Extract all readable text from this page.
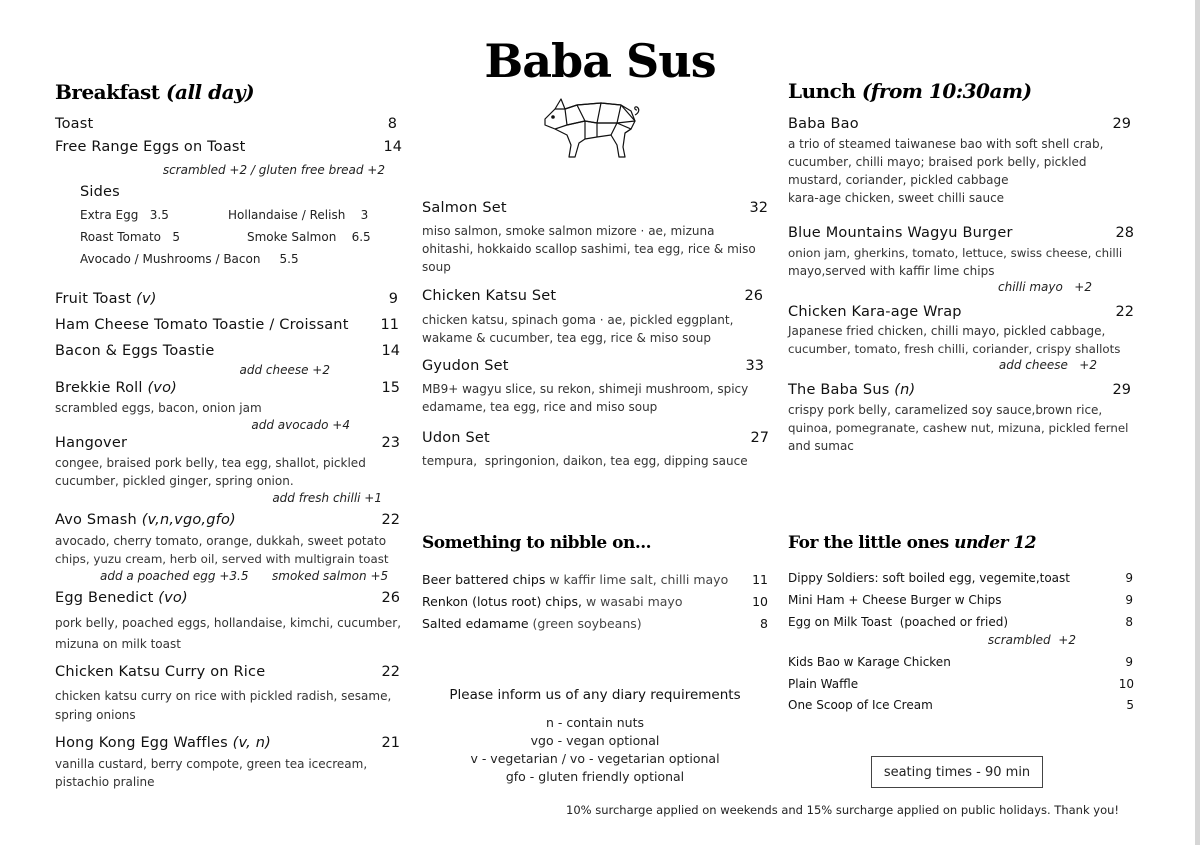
Baba Sus
Breakfast (all day)
Toast	8
Free Range Eggs on Toast	14
scrambled +2 / gluten free bread +2
Sides
Extra Egg   3.5	Hollandaise / Relish    3
Roast Tomato   5	Smoke Salmon    6.5
Avocado / Mushrooms / Bacon     5.5
Fruit Toast (v)	9
Ham Cheese Tomato Toastie / Croissant 11
Bacon & Eggs Toastie	14
add cheese +2
Brekkie Roll (vo)	15
scrambled eggs, bacon, onion jam
add avocado +4
Hangover	23
congee, braised pork belly, tea egg, shallot, pickled
cucumber, pickled ginger, spring onion.
add fresh chilli +1
Avo Smash (v,n,vgo,gfo)	22
avocado, cherry tomato, orange, dukkah, sweet potato
chips, yuzu cream, herb oil, served with multigrain toast
add a poached egg +3.5 smoked salmon +5
Egg Benedict (vo)	26
pork belly, poached eggs, hollandaise, kimchi, cucumber,
mizuna on milk toast
Chicken Katsu Curry on Rice	22
chicken katsu curry on rice with pickled radish, sesame,
spring onions
Hong Kong Egg Waffles (v, n)	21
vanilla custard, berry compote, green tea icecream,
pistachio praline
Salmon Set	32
miso salmon, smoke salmon mizore · ae, mizuna
ohitashi, hokkaido scallop sashimi, tea egg, rice & miso
soup
Chicken Katsu Set	26
chicken katsu, spinach goma · ae, pickled eggplant,
wakame & cucumber, tea egg, rice & miso soup
Gyudon Set	33
MB9+ wagyu slice, su rekon, shimeji mushroom, spicy
edamame, tea egg, rice and miso soup
Udon Set	27
tempura,  springonion, daikon, tea egg, dipping sauce
Something to nibble on...
Beer battered chips w kaffir lime salt, chilli mayo 11
Renkon (lotus root) chips, w wasabi mayo	10
Salted edamame (green soybeans)	8
Please inform us of any diary requirements
n - contain nuts
vgo - vegan optional
v - vegetarian / vo - vegetarian optional
gfo - gluten friendly optional
Lunch (from 10:30am)
Baba Bao	29
a trio of steamed taiwanese bao with soft shell crab,
cucumber, chilli mayo; braised pork belly, pickled
mustard, coriander, pickled cabbage
kara-age chicken, sweet chilli sauce
Blue Mountains Wagyu Burger	28
onion jam, gherkins, tomato, lettuce, swiss cheese, chilli
mayo,served with kaffir lime chips
chilli mayo   +2
Chicken Kara-age Wrap	22
Japanese fried chicken, chilli mayo, pickled cabbage,
cucumber, tomato, fresh chilli, coriander, crispy shallots
add cheese   +2
The Baba Sus (n)	29
crispy pork belly, caramelized soy sauce,brown rice,
quinoa, pomegranate, cashew nut, mizuna, pickled fernel
and sumac
For the little ones under 12
Dippy Soldiers: soft boiled egg, vegemite,toast	9
Mini Ham + Cheese Burger w Chips	9
Egg on Milk Toast  (poached or fried)	8
scrambled  +2
Kids Bao w Karage Chicken	9
Plain Waffle	10
One Scoop of Ice Cream	5
seating times - 90 min
10% surcharge applied on weekends and 15% surcharge applied on public holidays. Thank you!
